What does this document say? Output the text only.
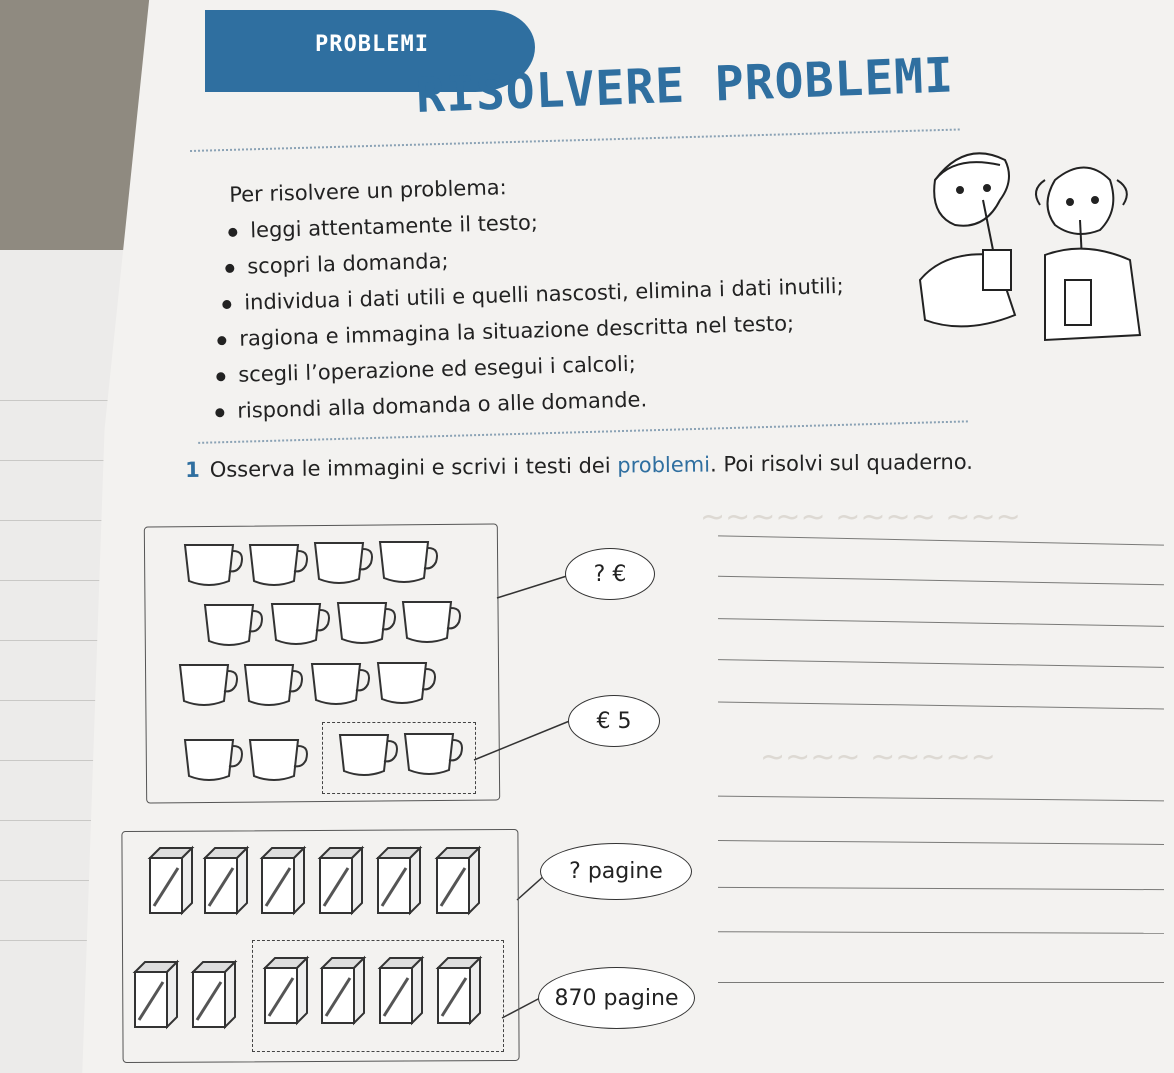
~~~~~ ~~~~ ~~~
~~~~ ~~~~~
PROBLEMI
RISOLVERE PROBLEMI
Per risolvere un problema:
leggi attentamente il testo;
scopri la domanda;
individua i dati utili e quelli nascosti, elimina i dati inutili;
ragiona e immagina la situazione descritta nel testo;
scegli l’operazione ed esegui i calcoli;
rispondi alla domanda o alle domande.
1 Osserva le immagini e scrivi i testi dei problemi. Poi risolvi sul quaderno.
? €
€ 5
? pagine
870 pagine
